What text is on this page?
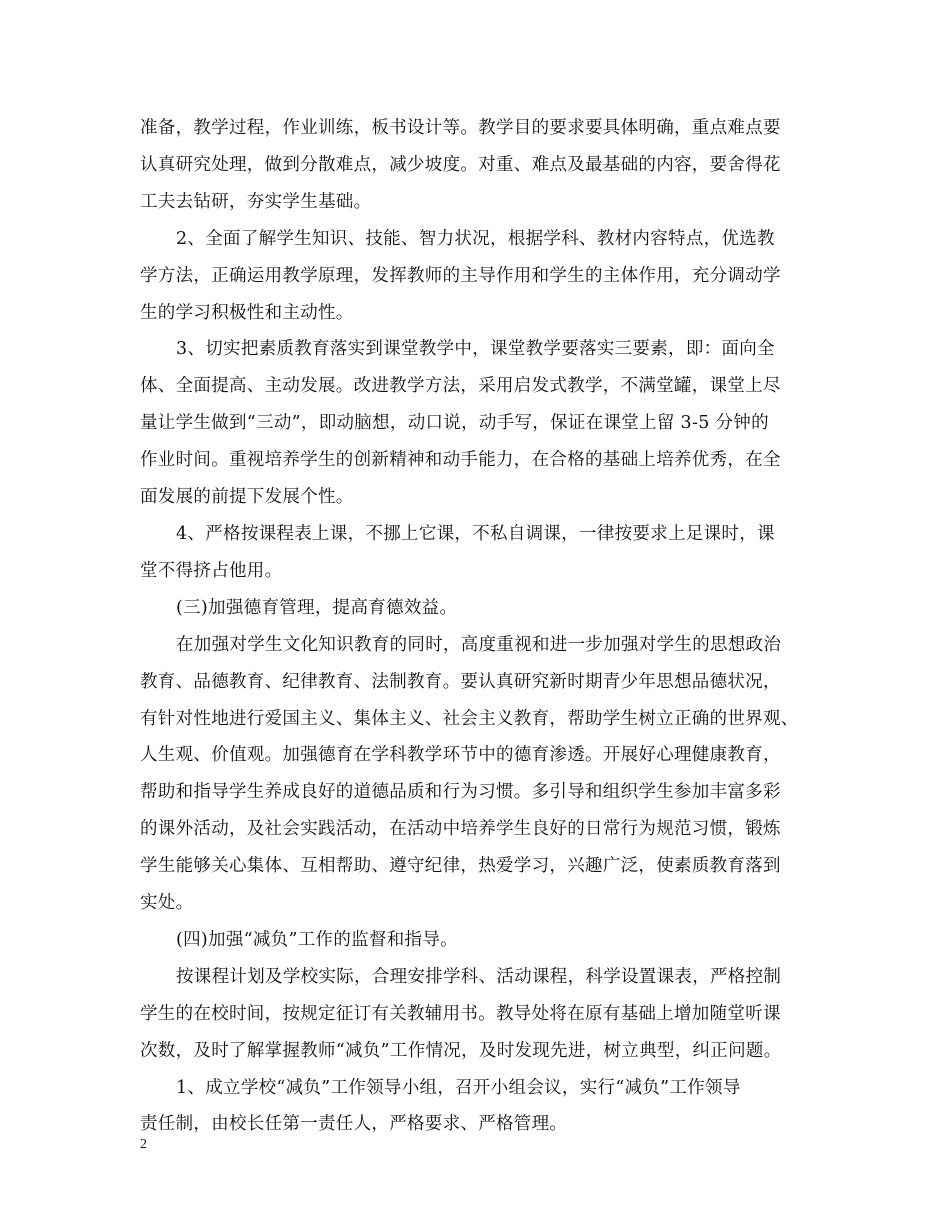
准备，教学过程，作业训练，板书设计等。教学目的要求要具体明确，重点难点要
认真研究处理，做到分散难点，减少坡度。对重、难点及最基础的内容，要舍得花
工夫去钻研，夯实学生基础。

2、全面了解学生知识、技能、智力状况，根据学科、教材内容特点，优选教
学方法，正确运用教学原理，发挥教师的主导作用和学生的主体作用，充分调动学
生的学习积极性和主动性。

3、切实把素质教育落实到课堂教学中，课堂教学要落实三要素，即：面向全
体、全面提高、主动发展。改进教学方法，采用启发式教学，不满堂罐，课堂上尽
量让学生做到“三动”，即动脑想，动口说，动手写，保证在课堂上留 3-5 分钟的
作业时间。重视培养学生的创新精神和动手能力，在合格的基础上培养优秀，在全
面发展的前提下发展个性。

4、严格按课程表上课，不挪上它课，不私自调课，一律按要求上足课时，课
堂不得挤占他用。

(三)加强德育管理，提高育德效益。

在加强对学生文化知识教育的同时，高度重视和进一步加强对学生的思想政治
教育、品德教育、纪律教育、法制教育。要认真研究新时期青少年思想品德状况，
有针对性地进行爱国主义、集体主义、社会主义教育，帮助学生树立正确的世界观、
人生观、价值观。加强德育在学科教学环节中的德育渗透。开展好心理健康教育，
帮助和指导学生养成良好的道德品质和行为习惯。多引导和组织学生参加丰富多彩
的课外活动，及社会实践活动，在活动中培养学生良好的日常行为规范习惯，锻炼
学生能够关心集体、互相帮助、遵守纪律，热爱学习，兴趣广泛，使素质教育落到
实处。

(四)加强“减负”工作的监督和指导。

按课程计划及学校实际，合理安排学科、活动课程，科学设置课表，严格控制
学生的在校时间，按规定征订有关教辅用书。教导处将在原有基础上增加随堂听课
次数，及时了解掌握教师“减负”工作情况，及时发现先进，树立典型，纠正问题。

1、成立学校“减负”工作领导小组，召开小组会议，实行“减负”工作领导
责任制，由校长任第一责任人，严格要求、严格管理。

2
